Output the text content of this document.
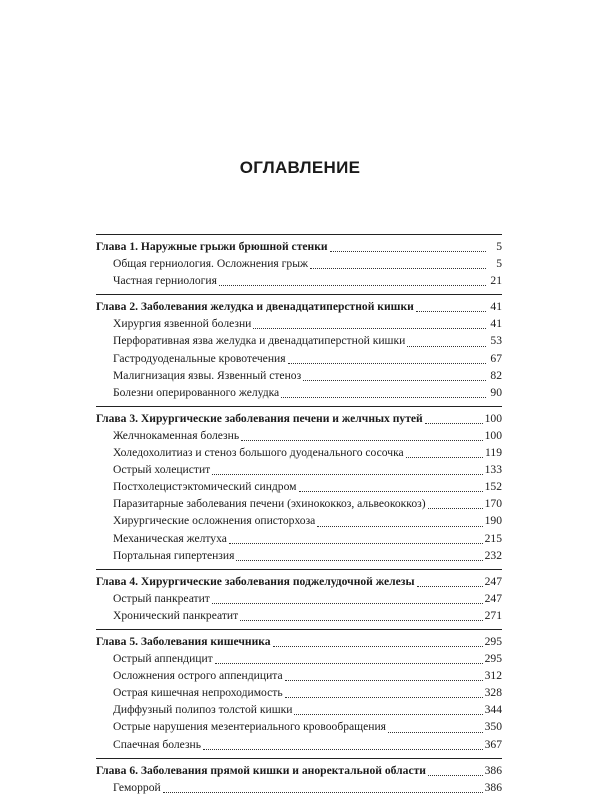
ОГЛАВЛЕНИЕ
Глава 1. Наружные грыжи брюшной стенки	5
Общая герниология. Осложнения грыж	5
Частная герниология	21
Глава 2. Заболевания желудка и двенадцатиперстной кишки	41
Хирургия язвенной болезни	41
Перфоративная язва желудка и двенадцатиперстной кишки	53
Гастродуоденальные кровотечения	67
Малигнизация язвы. Язвенный стеноз	82
Болезни оперированного желудка	90
Глава 3. Хирургические заболевания печени и желчных путей	100
Желчнокаменная болезнь	100
Холедохолитиаз и стеноз большого дуоденального сосочка	119
Острый холецистит	133
Постхолецистэктомический синдром	152
Паразитарные заболевания печени (эхинококкоз, альвеококкоз)	170
Хирургические осложнения описторхоза	190
Механическая желтуха	215
Портальная гипертензия	232
Глава 4. Хирургические заболевания поджелудочной железы	247
Острый панкреатит	247
Хронический панкреатит	271
Глава 5. Заболевания кишечника	295
Острый аппендицит	295
Осложнения острого аппендицита	312
Острая кишечная непроходимость	328
Диффузный полипоз толстой кишки	344
Острые нарушения мезентериального кровообращения	350
Спаечная болезнь	367
Глава 6. Заболевания прямой кишки и аноректальной области	386
Геморрой	386
